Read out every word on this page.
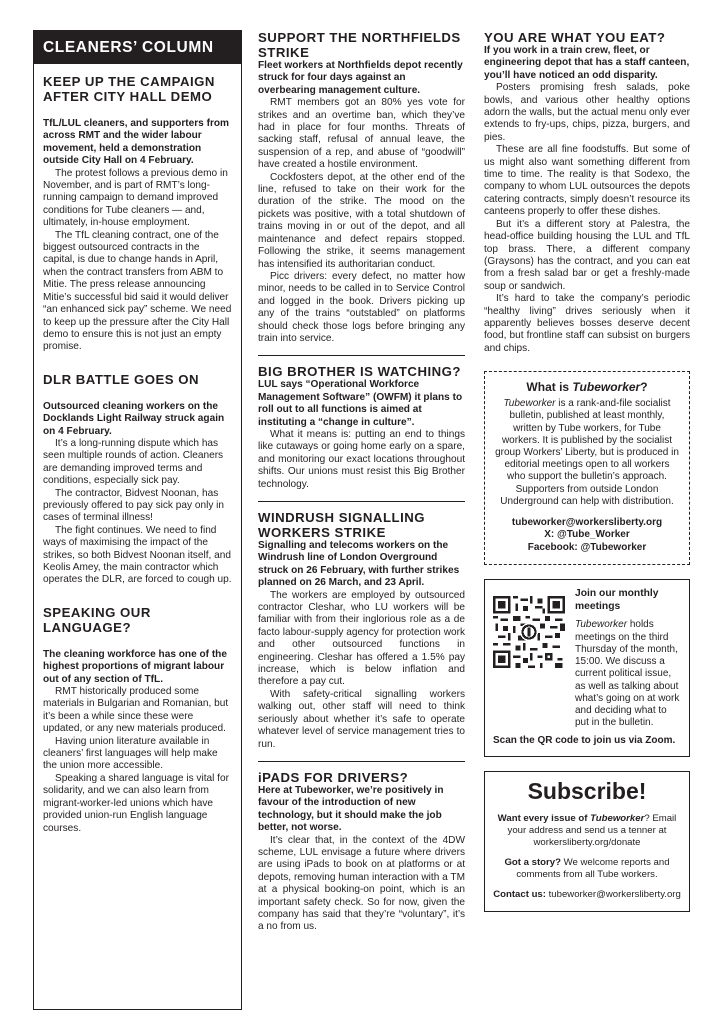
CLEANERS’ COLUMN
KEEP UP THE CAMPAIGN AFTER CITY HALL DEMO
TfL/LUL cleaners, and supporters from across RMT and the wider labour movement, held a demonstration outside City Hall on 4 February.
The protest follows a previous demo in November, and is part of RMT’s long-running campaign to demand improved conditions for Tube cleaners — and, ultimately, in-house employment.
The TfL cleaning contract, one of the biggest outsourced contracts in the capital, is due to change hands in April, when the contract transfers from ABM to Mitie. The press release announcing Mitie’s successful bid said it would deliver “an enhanced sick pay” scheme. We need to keep up the pressure after the City Hall demo to ensure this is not just an empty promise.
DLR BATTLE GOES ON
Outsourced cleaning workers on the Docklands Light Railway struck again on 4 February.
It’s a long-running dispute which has seen multiple rounds of action. Cleaners are demanding improved terms and conditions, especially sick pay.
The contractor, Bidvest Noonan, has previously offered to pay sick pay only in cases of terminal illness!
The fight continues. We need to find ways of maximising the impact of the strikes, so both Bidvest Noonan itself, and Keolis Amey, the main contractor which operates the DLR, are forced to cough up.
SPEAKING OUR LANGUAGE?
The cleaning workforce has one of the highest proportions of migrant labour out of any section of TfL.
RMT historically produced some materials in Bulgarian and Romanian, but it’s been a while since these were updated, or any new materials produced.
Having union literature available in cleaners’ first languages will help make the union more accessible.
Speaking a shared language is vital for solidarity, and we can also learn from migrant-worker-led unions which have provided union-run English language courses.
SUPPORT THE NORTHFIELDS STRIKE
Fleet workers at Northfields depot recently struck for four days against an overbearing management culture.
RMT members got an 80% yes vote for strikes and an overtime ban, which they’ve had in place for four months. Threats of sacking staff, refusal of annual leave, the suspension of a rep, and abuse of “goodwill” have created a hostile environment.
Cockfosters depot, at the other end of the line, refused to take on their work for the duration of the strike. The mood on the pickets was positive, with a total shutdown of trains moving in or out of the depot, and all maintenance and defect repairs stopped. Following the strike, it seems management has intensified its authoritarian conduct.
Picc drivers: every defect, no matter how minor, needs to be called in to Service Control and logged in the book. Drivers picking up any of the trains “outstabled” on platforms should check those logs before bringing any train into service.
BIG BROTHER IS WATCHING?
LUL says “Operational Workforce Management Software” (OWFM) it plans to roll out to all functions is aimed at instituting a “change in culture”.
What it means is: putting an end to things like cutaways or going home early on a spare, and monitoring our exact locations throughout shifts. Our unions must resist this Big Brother technology.
WINDRUSH SIGNALLING WORKERS STRIKE
Signalling and telecoms workers on the Windrush line of London Overground struck on 26 February, with further strikes planned on 26 March, and 23 April.
The workers are employed by outsourced contractor Cleshar, who LU workers will be familiar with from their inglorious role as a de facto labour-supply agency for protection work and other outsourced functions in engineering. Cleshar has offered a 1.5% pay increase, which is below inflation and therefore a pay cut.
With safety-critical signalling workers walking out, other staff will need to think seriously about whether it’s safe to operate whatever level of service management tries to run.
iPADS FOR DRIVERS?
Here at Tubeworker, we’re positively in favour of the introduction of new technology, but it should make the job better, not worse.
It’s clear that, in the context of the 4DW scheme, LUL envisage a future where drivers are using iPads to book on at platforms or at depots, removing human interaction with a TM at a physical booking-on point, which is an important safety check. So for now, given the company has said that they’re “voluntary”, it’s a no from us.
YOU ARE WHAT YOU EAT?
If you work in a train crew, fleet, or engineering depot that has a staff canteen, you’ll have noticed an odd disparity.
Posters promising fresh salads, poke bowls, and various other healthy options adorn the walls, but the actual menu only ever extends to fry-ups, chips, pizza, burgers, and pies.
These are all fine foodstuffs. But some of us might also want something different from time to time. The reality is that Sodexo, the company to whom LUL outsources the depots catering contracts, simply doesn’t resource its canteens properly to offer these dishes.
But it’s a different story at Palestra, the head-office building housing the LUL and TfL top brass. There, a different company (Graysons) has the contract, and you can eat from a fresh salad bar or get a freshly-made soup or sandwich.
It’s hard to take the company’s periodic “healthy living” drives seriously when it apparently believes bosses deserve decent food, but frontline staff can subsist on burgers and chips.
What is Tubeworker?
Tubeworker is a rank-and-file socialist bulletin, published at least monthly, written by Tube workers, for Tube workers. It is published by the socialist group Workers’ Liberty, but is produced in editorial meetings open to all workers who support the bulletin’s approach. Supporters from outside London Underground can help with distribution.
tubeworker@workersliberty.org
X: @Tube_Worker
Facebook: @Tubeworker
Join our monthly meetings
Tubeworker holds meetings on the third Thursday of the month, 15:00. We discuss a current political issue, as well as talking about what’s going on at work and deciding what to put in the bulletin.
Scan the QR code to join us via Zoom.
Subscribe!
Want every issue of Tubeworker? Email your address and send us a tenner at workersliberty.org/donate
Got a story? We welcome reports and comments from all Tube workers.
Contact us: tubeworker@workersliberty.org
